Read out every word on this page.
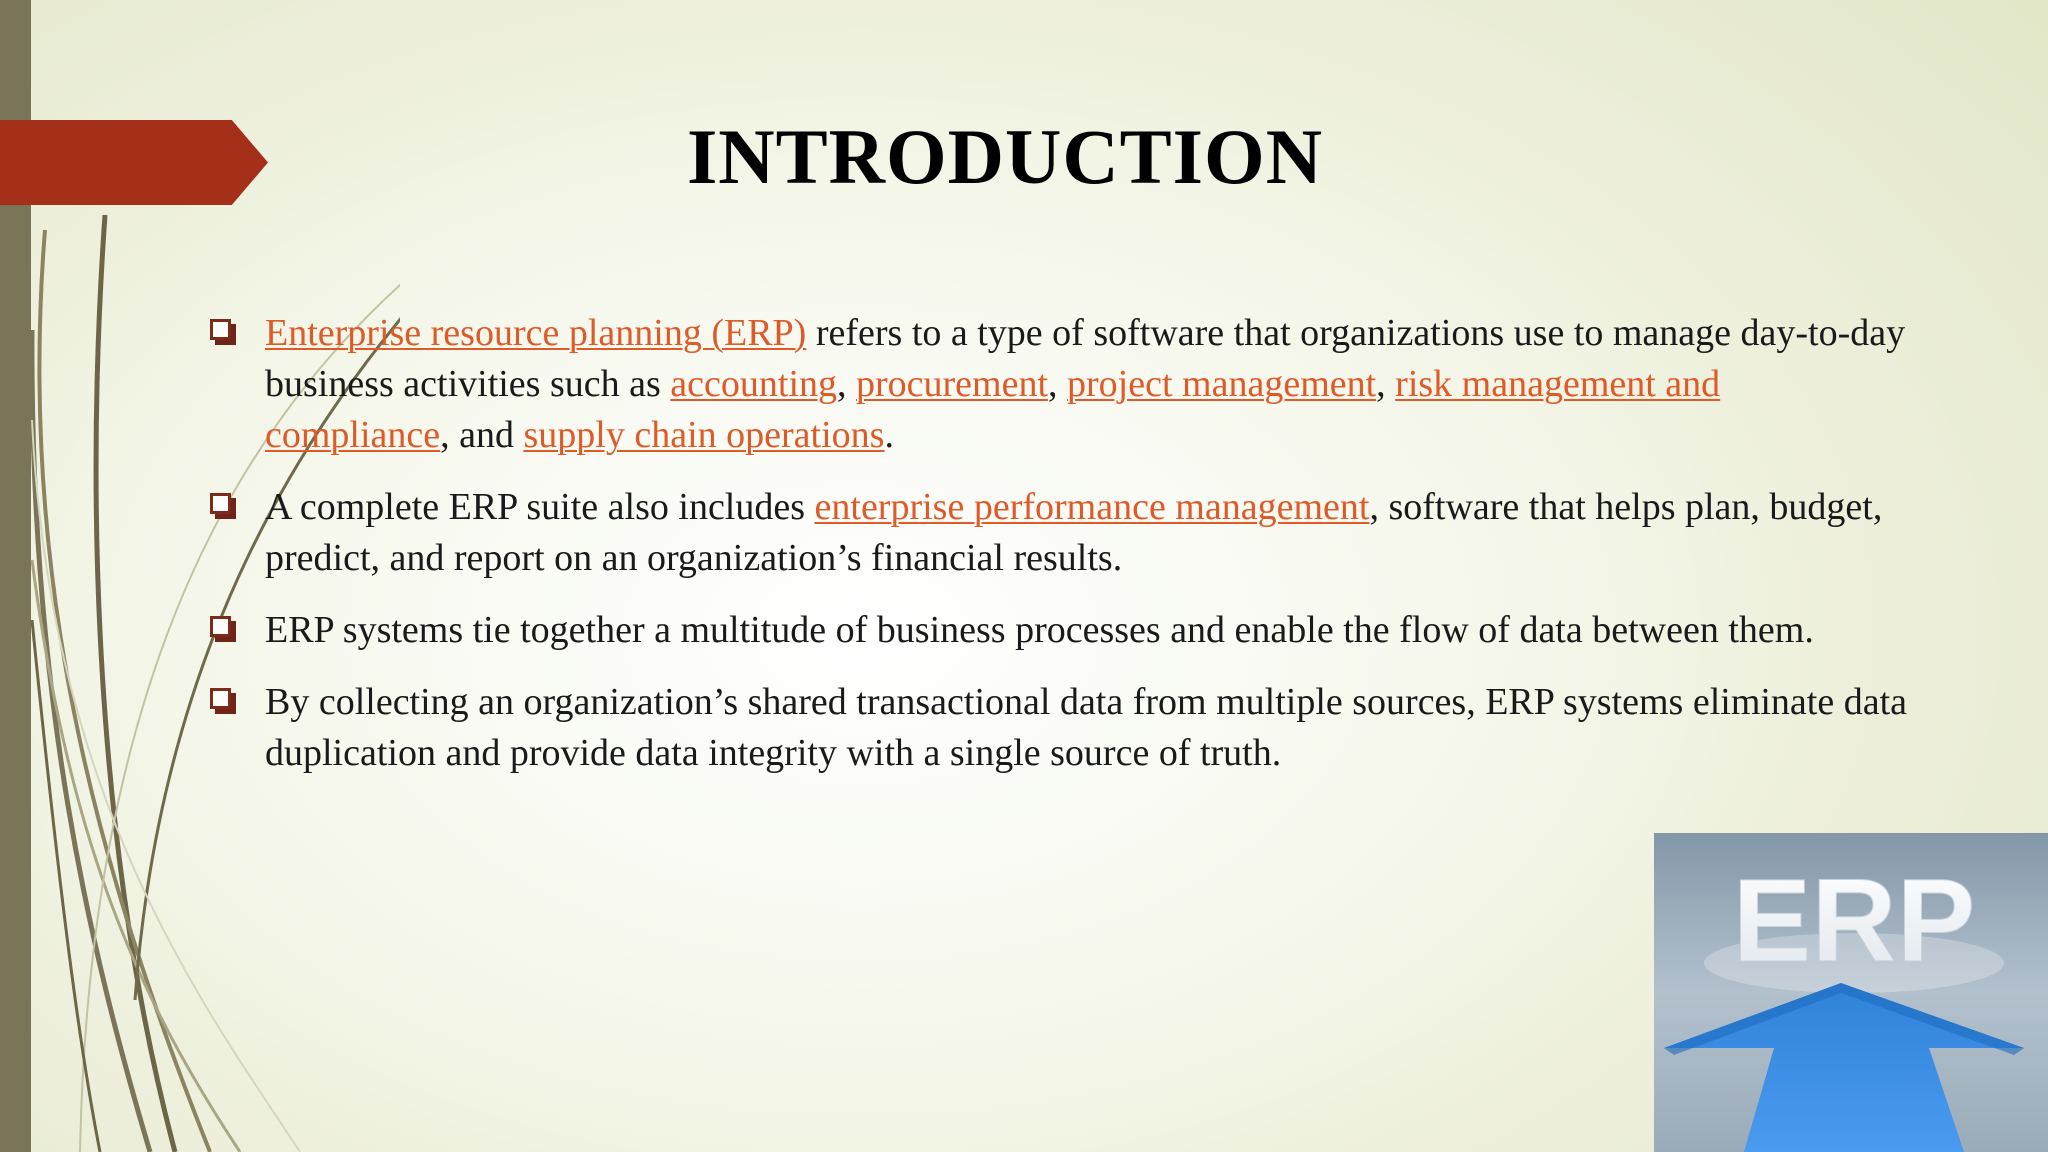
INTRODUCTION
Enterprise resource planning (ERP) refers to a type of software that organizations use to manage day-to-day business activities such as accounting, procurement, project management, risk management and compliance, and supply chain operations.
A complete ERP suite also includes enterprise performance management, software that helps plan, budget, predict, and report on an organization’s financial results.
ERP systems tie together a multitude of business processes and enable the flow of data between them.
By collecting an organization’s shared transactional data from multiple sources, ERP systems eliminate data duplication and provide data integrity with a single source of truth.
ERP
